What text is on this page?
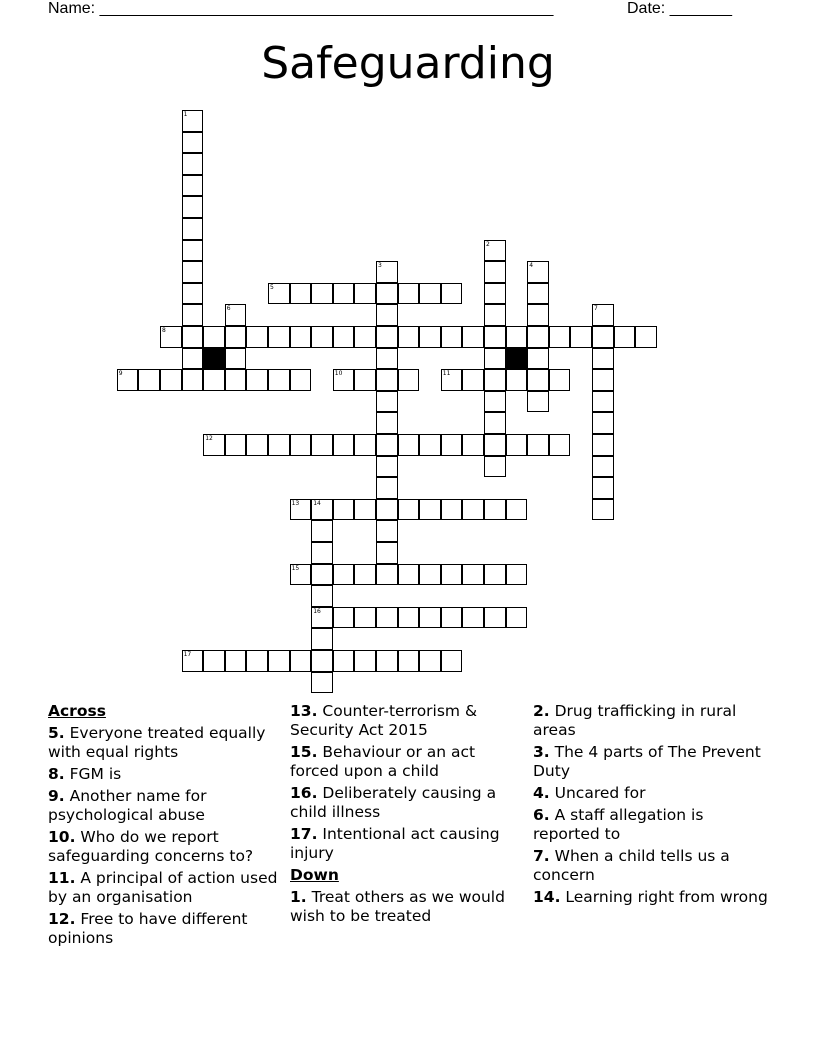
Name: ___________________________________________________	Date: _______
Safeguarding
1
2
3	4
5
6	7
8
9	10	11
12
13 14
16
15
17
Across
5. Everyone treated equally with equal rights
8. FGM is
9. Another name for psychological abuse
10. Who do we report safeguarding concerns to?
11. A principal of action used by an organisation
12. Free to have different opinions
13. Counter-terrorism & Security Act 2015
15. Behaviour or an act forced upon a child
16. Deliberately causing a child illness
17. Intentional act causing injury
Down
1. Treat others as we would wish to be treated
2. Drug trafficking in rural areas
3. The 4 parts of The Prevent Duty
4. Uncared for
6. A staff allegation is reported to
7. When a child tells us a concern
14. Learning right from wrong
